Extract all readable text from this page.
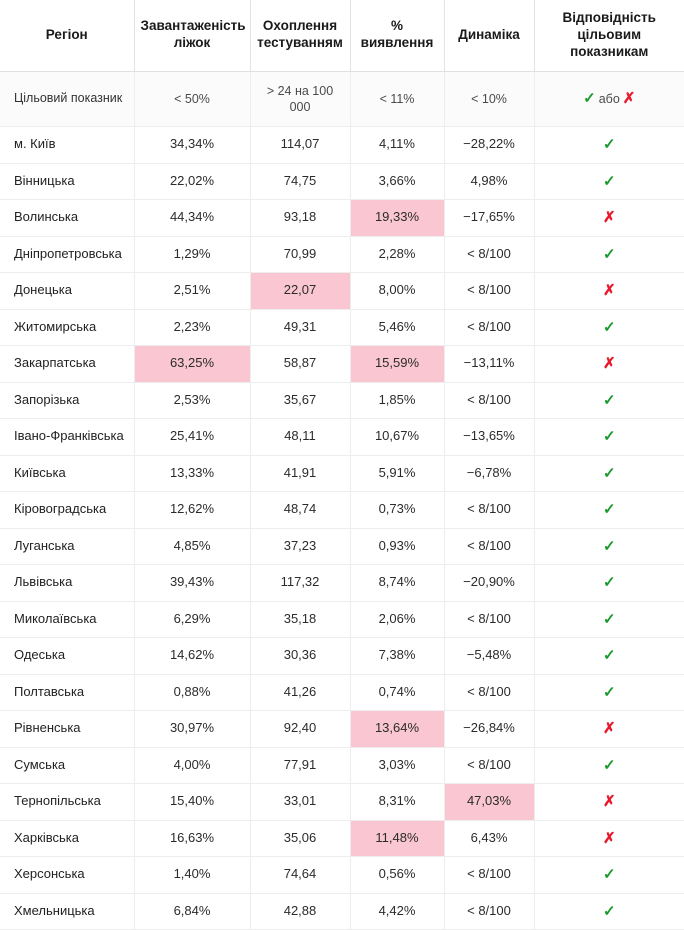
Регіон	Завантаженість ліжок	Охоплення тестуванням	% виявлення	Динаміка	Відповідність цільовим показникам
Цільовий показник	< 50%	> 24 на 100 000	< 11%	< 10%	✓ або ✗
м. Київ	34,34%	114,07	4,11%	−28,22%	✓
Вінницька	22,02%	74,75	3,66%	4,98%	✓
Волинська	44,34%	93,18	19,33%	−17,65%	✗
Дніпропетровська	1,29%	70,99	2,28%	< 8/100	✓
Донецька	2,51%	22,07	8,00%	< 8/100	✗
Житомирська	2,23%	49,31	5,46%	< 8/100	✓
Закарпатська	63,25%	58,87	15,59%	−13,11%	✗
Запорізька	2,53%	35,67	1,85%	< 8/100	✓
Івано-Франківська	25,41%	48,11	10,67%	−13,65%	✓
Київська	13,33%	41,91	5,91%	−6,78%	✓
Кіровоградська	12,62%	48,74	0,73%	< 8/100	✓
Луганська	4,85%	37,23	0,93%	< 8/100	✓
Львівська	39,43%	117,32	8,74%	−20,90%	✓
Миколаївська	6,29%	35,18	2,06%	< 8/100	✓
Одеська	14,62%	30,36	7,38%	−5,48%	✓
Полтавська	0,88%	41,26	0,74%	< 8/100	✓
Рівненська	30,97%	92,40	13,64%	−26,84%	✗
Сумська	4,00%	77,91	3,03%	< 8/100	✓
Тернопільська	15,40%	33,01	8,31%	47,03%	✗
Харківська	16,63%	35,06	11,48%	6,43%	✗
Херсонська	1,40%	74,64	0,56%	< 8/100	✓
Хмельницька	6,84%	42,88	4,42%	< 8/100	✓
